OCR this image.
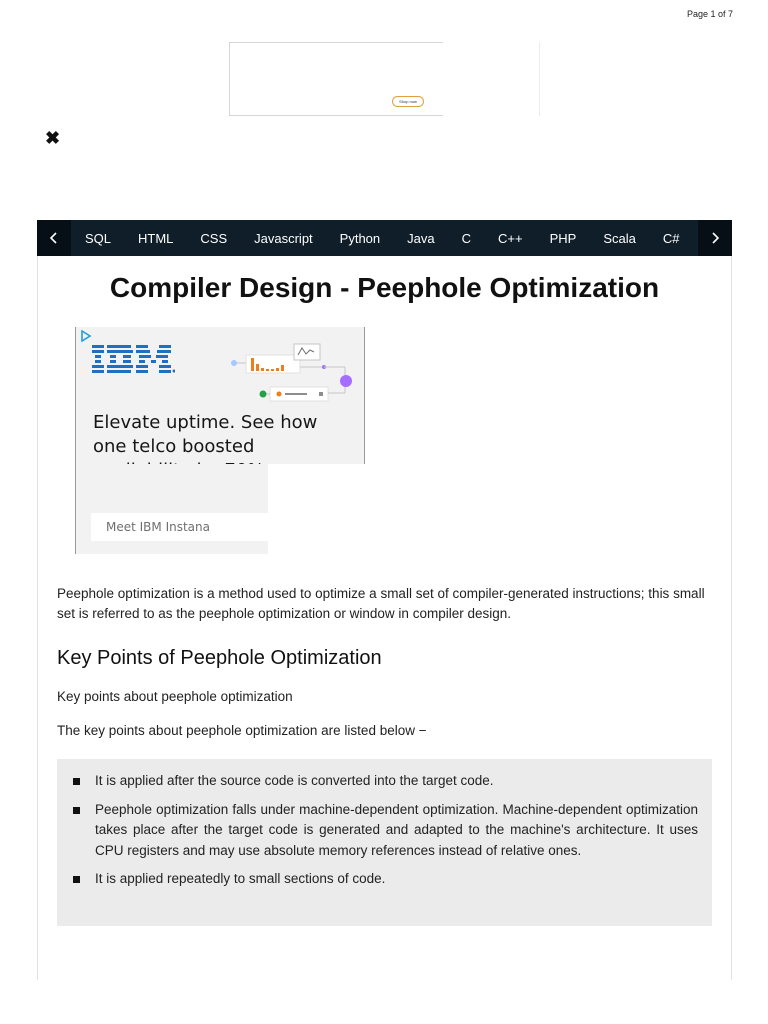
Page 1 of 7
Shop now
✖
SQL HTML CSS Javascript Python Java C C++ PHP Scala C#
Compiler Design - Peephole Optimization
Elevate uptime. See how one telco boosted
Meet IBM Instana
Peephole optimization is a method used to optimize a small set of compiler-generated instructions; this small set is referred to as the peephole optimization or window in compiler design.
Key Points of Peephole Optimization
Key points about peephole optimization
The key points about peephole optimization are listed below −
It is applied after the source code is converted into the target code.
Peephole optimization falls under machine-dependent optimization. Machine-dependent optimization takes place after the target code is generated and adapted to the machine's architecture. It uses CPU registers and may use absolute memory references instead of relative ones.
It is applied repeatedly to small sections of code.
